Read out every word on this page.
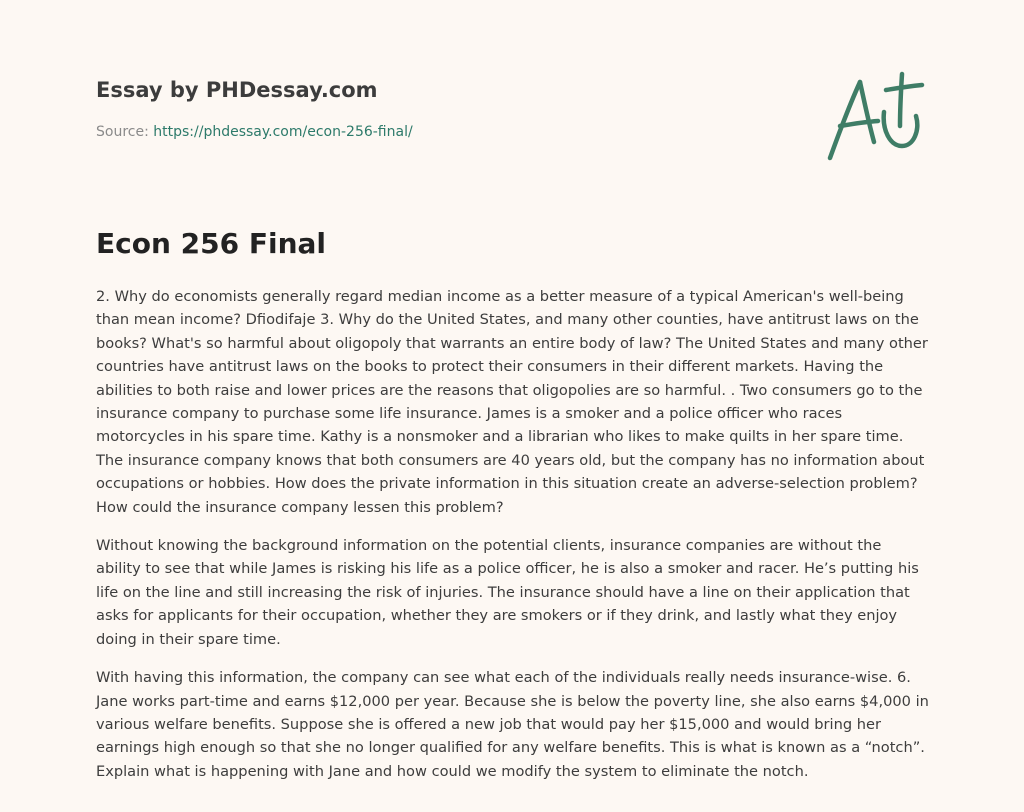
Essay by PHDessay.com
Source: https://phdessay.com/econ-256-final/
Econ 256 Final

2. Why do economists generally regard median income as a better measure of a typical American's well-being than mean income? Dfiodifaje 3. Why do the United States, and many other counties, have antitrust laws on the books? What's so harmful about oligopoly that warrants an entire body of law? The United States and many other countries have antitrust laws on the books to protect their consumers in their different markets. Having the abilities to both raise and lower prices are the reasons that oligopolies are so harmful. . Two consumers go to the insurance company to purchase some life insurance. James is a smoker and a police officer who races motorcycles in his spare time. Kathy is a nonsmoker and a librarian who likes to make quilts in her spare time. The insurance company knows that both consumers are 40 years old, but the company has no information about occupations or hobbies. How does the private information in this situation create an adverse-selection problem? How could the insurance company lessen this problem?

Without knowing the background information on the potential clients, insurance companies are without the ability to see that while James is risking his life as a police officer, he is also a smoker and racer. He’s putting his life on the line and still increasing the risk of injuries. The insurance should have a line on their application that asks for applicants for their occupation, whether they are smokers or if they drink, and lastly what they enjoy doing in their spare time.

With having this information, the company can see what each of the individuals really needs insurance-wise. 6. Jane works part-time and earns $12,000 per year. Because she is below the poverty line, she also earns $4,000 in various welfare benefits. Suppose she is offered a new job that would pay her $15,000 and would bring her earnings high enough so that she no longer qualified for any welfare benefits. This is what is known as a “notch”. Explain what is happening with Jane and how could we modify the system to eliminate the notch.
